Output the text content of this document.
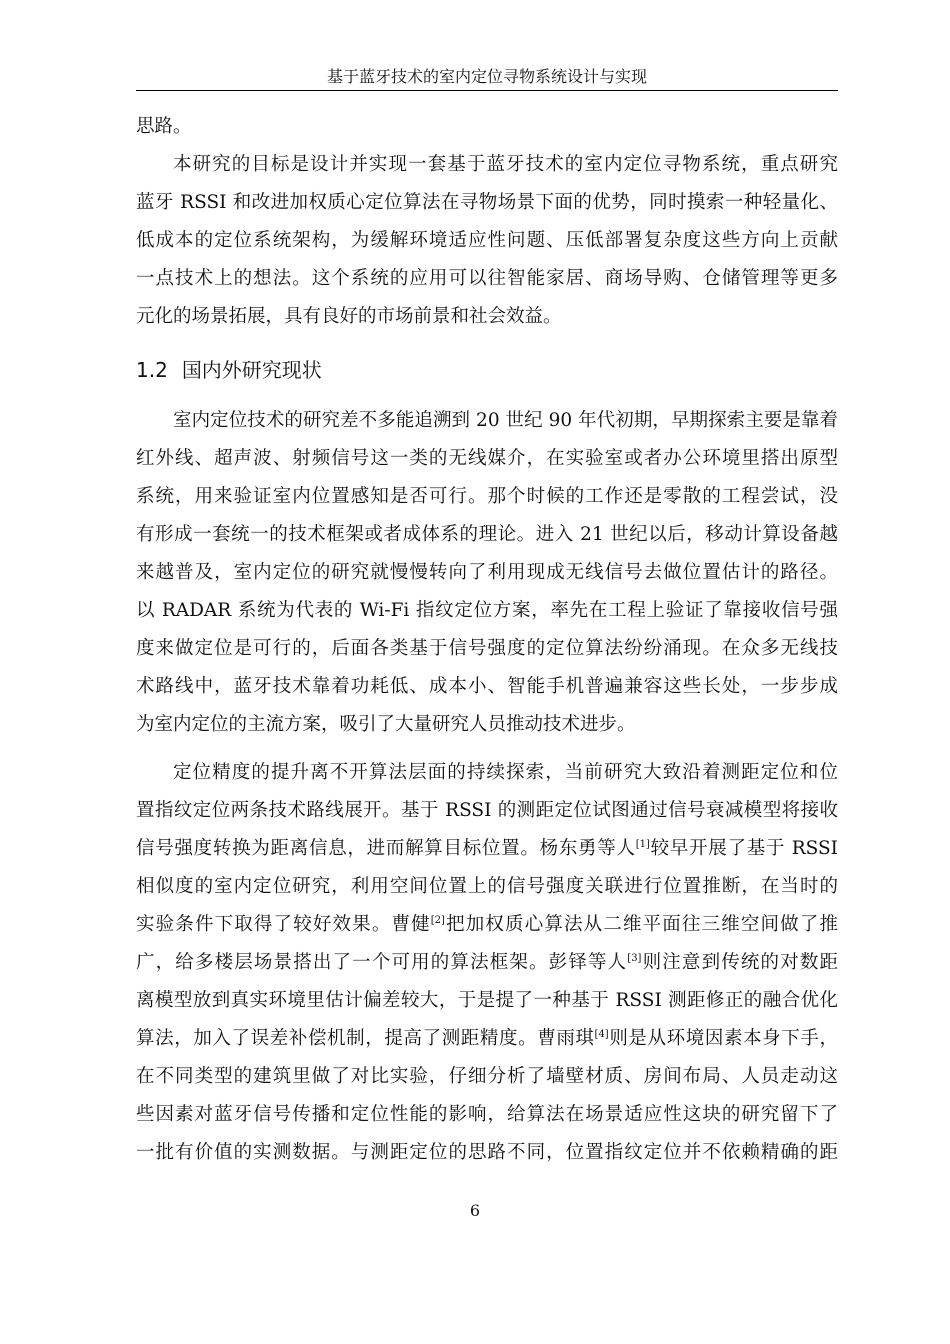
基于蓝牙技术的室内定位寻物系统设计与实现
思路。
本研究的目标是设计并实现一套基于蓝牙技术的室内定位寻物系统，重点研究
蓝牙 RSSI 和改进加权质心定位算法在寻物场景下面的优势，同时摸索一种轻量化、
低成本的定位系统架构，为缓解环境适应性问题、压低部署复杂度这些方向上贡献
一点技术上的想法。这个系统的应用可以往智能家居、商场导购、仓储管理等更多
元化的场景拓展，具有良好的市场前景和社会效益。
1.2 国内外研究现状
室内定位技术的研究差不多能追溯到 20 世纪 90 年代初期，早期探索主要是靠着
红外线、超声波、射频信号这一类的无线媒介，在实验室或者办公环境里搭出原型
系统，用来验证室内位置感知是否可行。那个时候的工作还是零散的工程尝试，没
有形成一套统一的技术框架或者成体系的理论。进入 21 世纪以后，移动计算设备越
来越普及，室内定位的研究就慢慢转向了利用现成无线信号去做位置估计的路径。
以 RADAR 系统为代表的 Wi-Fi 指纹定位方案，率先在工程上验证了靠接收信号强
度来做定位是可行的，后面各类基于信号强度的定位算法纷纷涌现。在众多无线技
术路线中，蓝牙技术靠着功耗低、成本小、智能手机普遍兼容这些长处，一步步成
为室内定位的主流方案，吸引了大量研究人员推动技术进步。
定位精度的提升离不开算法层面的持续探索，当前研究大致沿着测距定位和位
置指纹定位两条技术路线展开。基于 RSSI 的测距定位试图通过信号衰减模型将接收
信号强度转换为距离信息，进而解算目标位置。杨东勇等人[1]较早开展了基于 RSSI
相似度的室内定位研究，利用空间位置上的信号强度关联进行位置推断，在当时的
实验条件下取得了较好效果。曹健[2]把加权质心算法从二维平面往三维空间做了推
广，给多楼层场景搭出了一个可用的算法框架。彭铎等人[3]则注意到传统的对数距
离模型放到真实环境里估计偏差较大，于是提了一种基于 RSSI 测距修正的融合优化
算法，加入了误差补偿机制，提高了测距精度。曹雨琪[4]则是从环境因素本身下手，
在不同类型的建筑里做了对比实验，仔细分析了墙壁材质、房间布局、人员走动这
些因素对蓝牙信号传播和定位性能的影响，给算法在场景适应性这块的研究留下了
一批有价值的实测数据。与测距定位的思路不同，位置指纹定位并不依赖精确的距
6
